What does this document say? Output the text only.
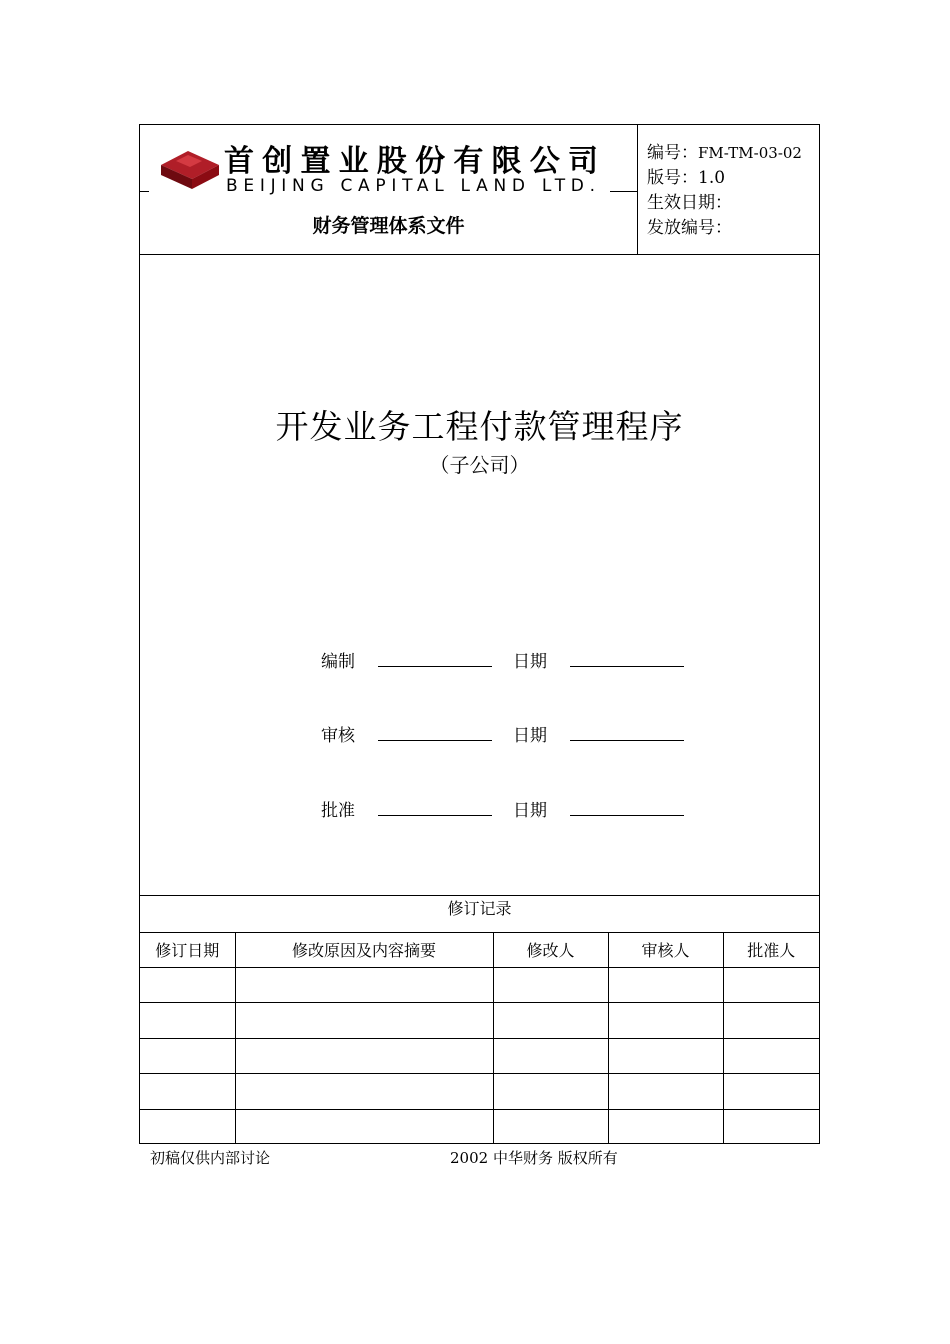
首创置业股份有限公司
BEIJING CAPITAL LAND LTD.
财务管理体系文件
编号：FM-TM-03-02
版号：1.0
生效日期：
发放编号：
开发业务工程付款管理程序
（子公司）
编制	日期
审核	日期
批准	日期
修订记录
修订日期	修改原因及内容摘要	修改人	审核人	批准人

初稿仅供内部讨论	2002 中华财务 版权所有
